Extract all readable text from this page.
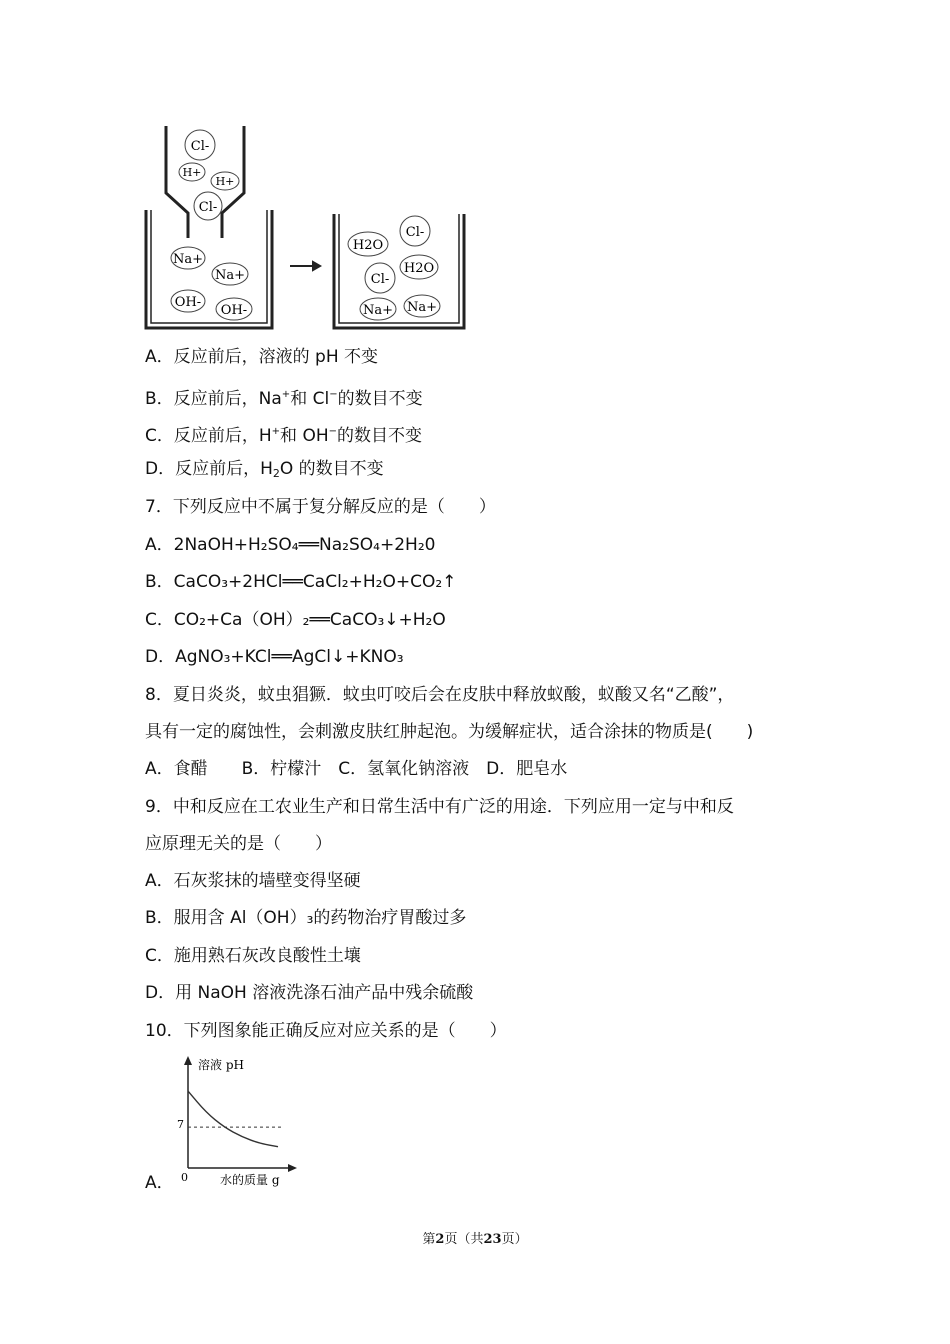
Cl-
H+
H+
Cl-
Na+
Na+
OH-
OH-
H2O
Cl-
Cl-
H2O
Na+ Na+
A．反应前后，溶液的 pH 不变
B．反应前后，Na+和 Cl−的数目不变
C．反应前后，H+和 OH−的数目不变
D．反应前后，$H_2O$ 的数目不变
7．下列反应中不属于复分解反应的是（　　）
A．2NaOH+H₂SO₄══Na₂SO₄+2H₂0
B．CaCO₃+2HCl══CaCl₂+H₂O+CO₂↑
C．CO₂+Ca（OH）₂══CaCO₃↓+H₂O
D．AgNO₃+KCl══AgCl↓+KNO₃
8．夏日炎炎，蚊虫猖獗．蚊虫叮咬后会在皮肤中释放蚁酸，蚁酸又名“乙酸”，
具有一定的腐蚀性，会刺激皮肤红肿起泡。为缓解症状，适合涂抹的物质是(　　)
A．食醋　　B．柠檬汁　C．氢氧化钠溶液　D．肥皂水
9．中和反应在工农业生产和日常生活中有广泛的用途．下列应用一定与中和反
应原理无关的是（　　）
A．石灰浆抹的墙壁变得坚硬
B．服用含 Al（OH）₃的药物治疗胃酸过多
C．施用熟石灰改良酸性土壤
D．用 NaOH 溶液洗涤石油产品中残余硫酸
10．下列图象能正确反应对应关系的是（　　）
溶液 pH
水的质量 g
0
7
A．
第2页（共23页）
